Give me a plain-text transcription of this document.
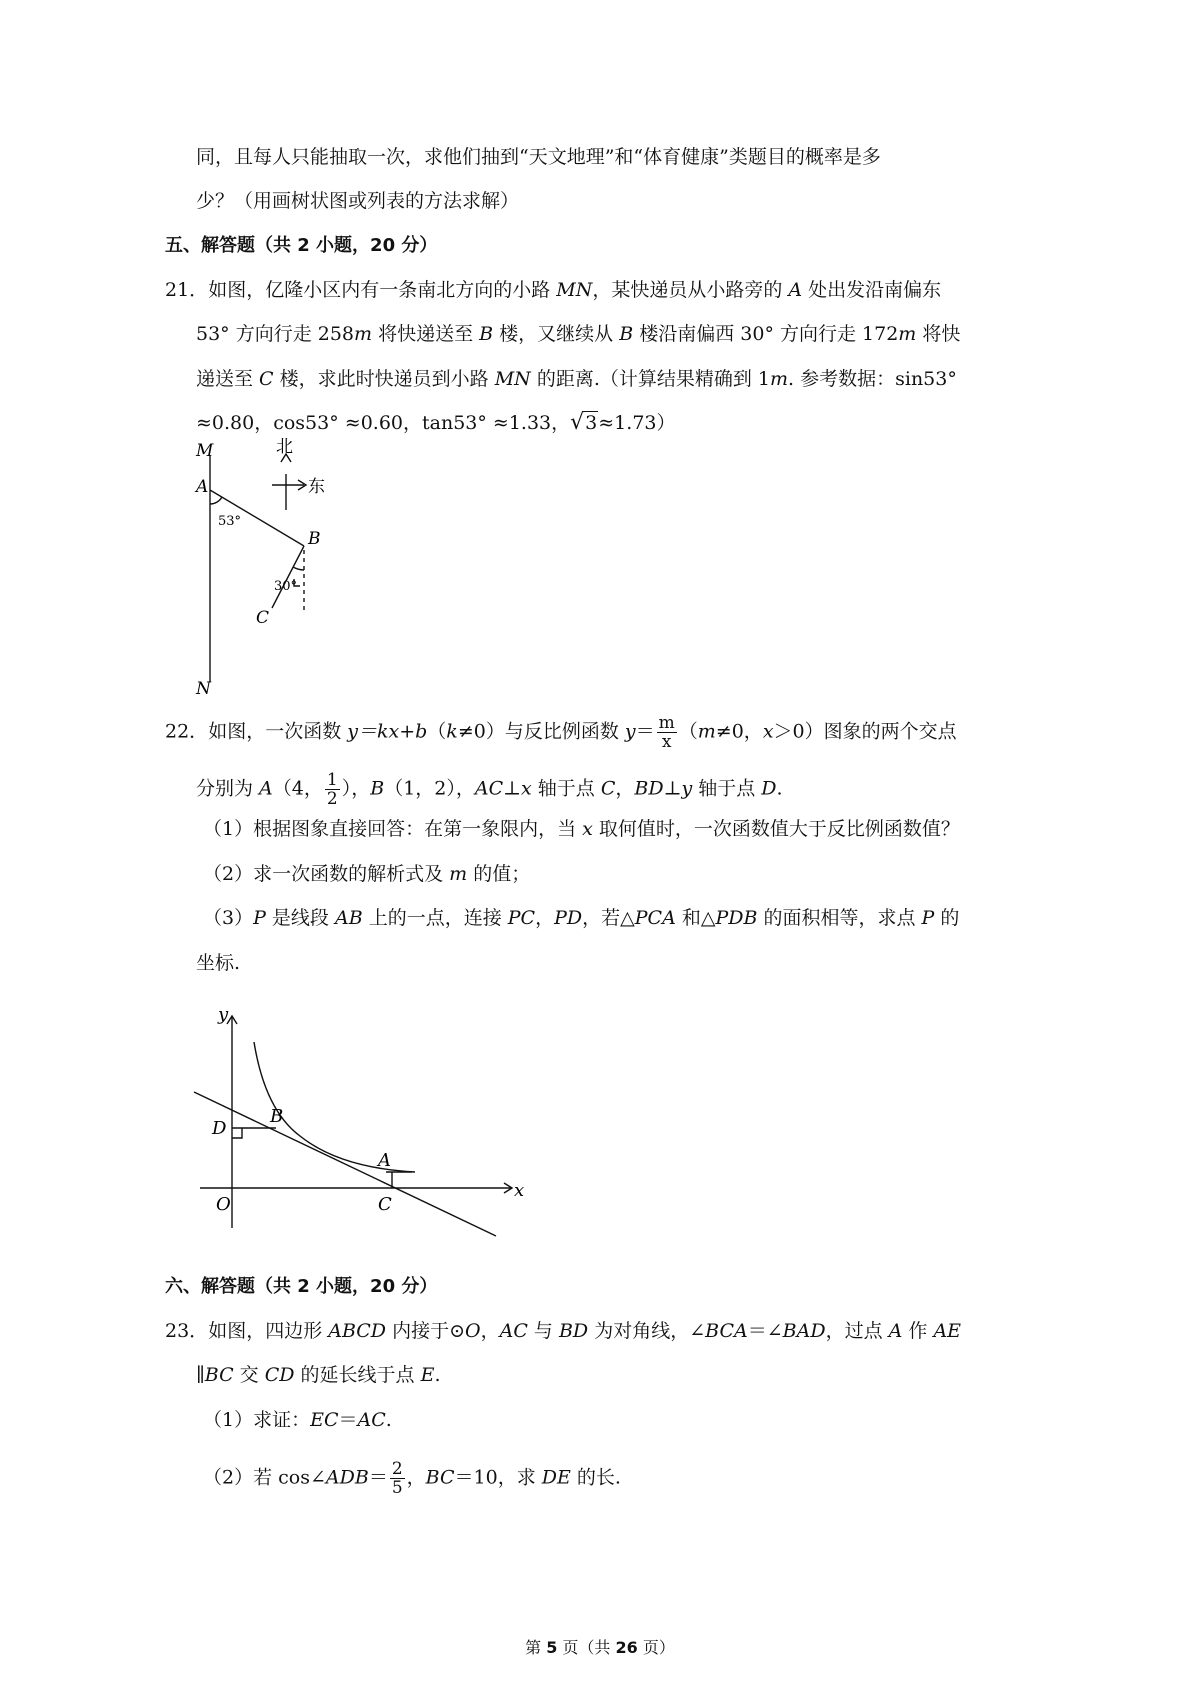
同，且每人只能抽取一次，求他们抽到“天文地理”和“体育健康”类题目的概率是多
少？（用画树状图或列表的方法求解）
五、解答题（共 2 小题，20 分）
21．如图，亿隆小区内有一条南北方向的小路 MN，某快递员从小路旁的 A 处出发沿南偏东
53° 方向行走 258m 将快递送至 B 楼，又继续从 B 楼沿南偏西 30° 方向行走 172m 将快
递送至 C 楼，求此时快递员到小路 MN 的距离.（计算结果精确到 1m. 参考数据：sin53°
≈0.80，cos53° ≈0.60，tan53° ≈1.33，√3≈1.73）
M
A
53°
B
30°
C
N
北
东
22．如图，一次函数 y＝kx+b（k≠0）与反比例函数 $y= \frac{m}{x} (m\ne 0$，x＞0）图象的两个交点
分别为 A（4， $\frac{1}{2}$ ），B（1，2），AC⊥x 轴于点 C，BD⊥y 轴于点 D.
（1）根据图象直接回答：在第一象限内，当 x 取何值时，一次函数值大于反比例函数值？
（2）求一次函数的解析式及 m 的值；
（3）P 是线段 AB 上的一点，连接 PC，PD，若△PCA 和△PDB 的面积相等，求点 P 的
坐标.
y
x
O
D
B
A
C
六、解答题（共 2 小题，20 分）
23．如图，四边形 ABCD 内接于⊙O，AC 与 BD 为对角线，∠BCA＝∠BAD，过点 A 作 AE
∥BC 交 CD 的延长线于点 E.
（1）求证：EC＝AC.
（2）若 cos∠ADB＝ $\frac{2}{5}$ ，BC＝10，求 DE 的长.
第 5 页（共 26 页）
